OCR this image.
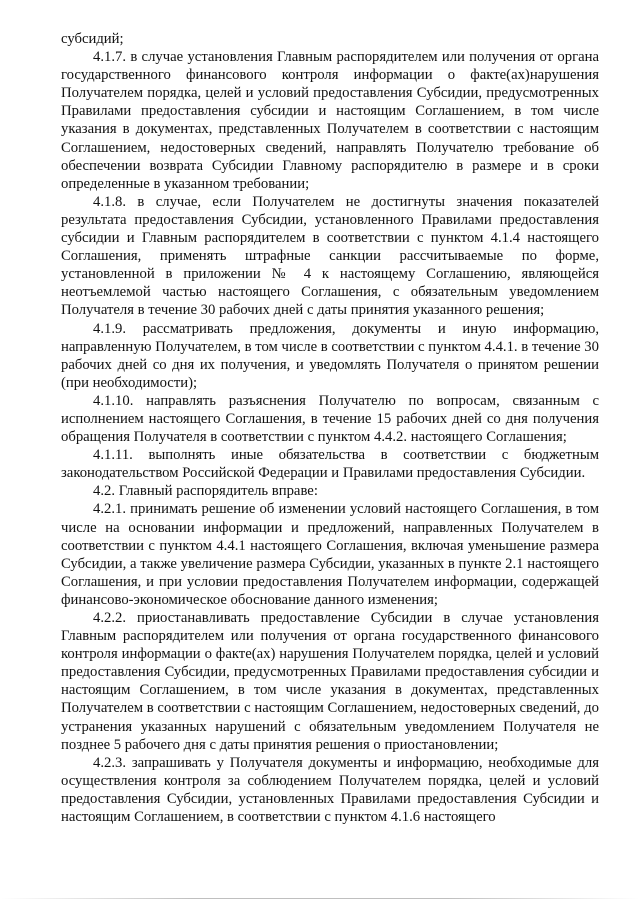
субсидий;

4.1.7. в случае установления Главным распорядителем или получения от органа государственного финансового контроля информации о факте(ах)нарушения Получателем порядка, целей и условий предоставления Субсидии, предусмотренных Правилами предоставления субсидии и настоящим Соглашением, в том числе указания в документах, представленных Получателем в соответствии с настоящим Соглашением, недостоверных сведений, направлять Получателю требование об обеспечении возврата Субсидии Главному распорядителю в размере и в сроки определенные в указанном требовании;

4.1.8. в случае, если Получателем не достигнуты значения показателей результата предоставления Субсидии, установленного Правилами предоставления субсидии и Главным распорядителем в соответствии с пунктом 4.1.4 настоящего Соглашения, применять штрафные санкции рассчитываемые по форме, установленной в приложении № 4 к настоящему Соглашению, являющейся неотъемлемой частью настоящего Соглашения, с обязательным уведомлением Получателя в течение 30 рабочих дней с даты принятия указанного решения;

4.1.9. рассматривать предложения, документы и иную информацию, направленную Получателем, в том числе в соответствии с пунктом 4.4.1. в течение 30 рабочих дней со дня их получения, и уведомлять Получателя о принятом решении (при необходимости);

4.1.10. направлять разъяснения Получателю по вопросам, связанным с исполнением настоящего Соглашения, в течение 15 рабочих дней со дня получения обращения Получателя в соответствии с пунктом 4.4.2. настоящего Соглашения;

4.1.11. выполнять иные обязательства в соответствии с бюджетным законодательством Российской Федерации и Правилами предоставления Субсидии.

4.2. Главный распорядитель вправе:

4.2.1. принимать решение об изменении условий настоящего Соглашения, в том числе на основании информации и предложений, направленных Получателем в соответствии с пунктом 4.4.1 настоящего Соглашения, включая уменьшение размера Субсидии, а также увеличение размера Субсидии, указанных в пункте 2.1 настоящего Соглашения, и при условии предоставления Получателем информации, содержащей финансово-экономическое обоснование данного изменения;

4.2.2. приостанавливать предоставление Субсидии в случае установления Главным распорядителем или получения от органа государственного финансового контроля информации о факте(ах) нарушения Получателем порядка, целей и условий предоставления Субсидии, предусмотренных Правилами предоставления субсидии и настоящим Соглашением, в том числе указания в документах, представленных Получателем в соответствии с настоящим Соглашением, недостоверных сведений, до устранения указанных нарушений с обязательным уведомлением Получателя не позднее 5 рабочего дня с даты принятия решения о приостановлении;

4.2.3. запрашивать у Получателя документы и информацию, необходимые для осуществления контроля за соблюдением Получателем порядка, целей и условий предоставления Субсидии, установленных Правилами предоставления Субсидии и настоящим Соглашением, в соответствии с пунктом 4.1.6 настоящего
